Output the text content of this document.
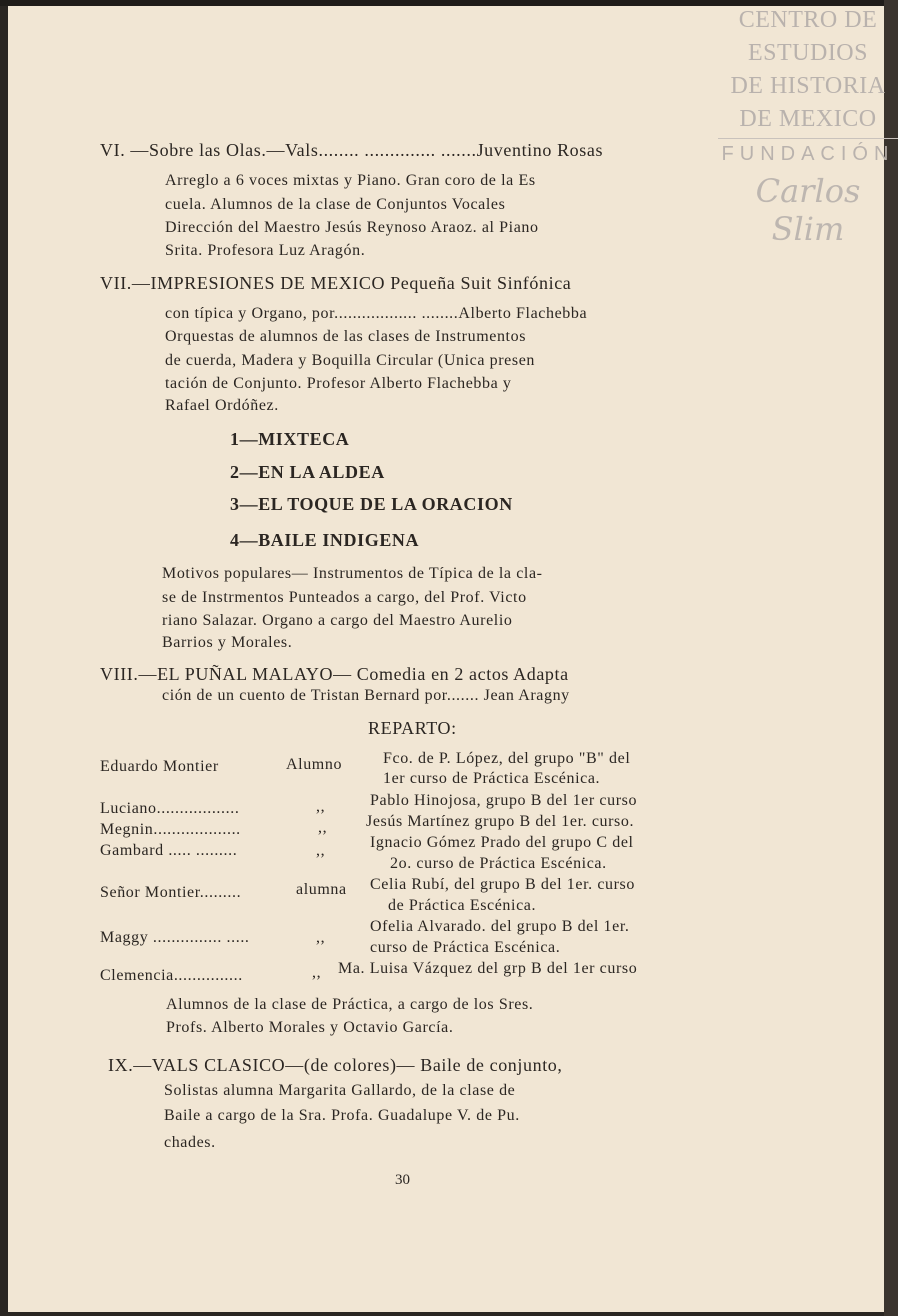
CENTRO DE
ESTUDIOS
DE HISTORIA
DE MEXICO
FUNDACIÓN
Carlos Slim
VI. —Sobre las Olas.—Vals........ .............. .......Juventino Rosas
Arreglo a 6 voces mixtas y Piano. Gran coro de la Es
cuela. Alumnos de la clase de Conjuntos Vocales
Dirección del Maestro Jesús Reynoso Araoz. al Piano
Srita. Profesora Luz Aragón.
VII.—IMPRESIONES DE MEXICO Pequeña Suit Sinfónica
con típica y Organo, por.................. ........Alberto Flachebba
Orquestas de alumnos de las clases de Instrumentos
de cuerda, Madera y Boquilla Circular (Unica presen
tación de Conjunto. Profesor Alberto Flachebba y
Rafael Ordóñez.
1—MIXTECA
2—EN LA ALDEA
3—EL TOQUE DE LA ORACION
4—BAILE INDIGENA
Motivos populares— Instrumentos de Típica de la cla-
se de Instrmentos Punteados a cargo, del Prof. Victo
riano Salazar. Organo a cargo del Maestro Aurelio
Barrios y Morales.
VIII.—EL PUÑAL MALAYO— Comedia en 2 actos Adapta
ción de un cuento de Tristan Bernard por....... Jean Aragny
REPARTO:
Eduardo Montier	Alumno	Fco. de P. López, del grupo "B" del
1er curso de Práctica Escénica.
Luciano..................	,,	Pablo Hinojosa, grupo B del 1er curso
Megnin...................	,, Jesús Martínez grupo B del 1er. curso.
Gambard ..... .........	,,	Ignacio Gómez Prado del grupo C del
2o. curso de Práctica Escénica.
Señor Montier.........	alumna Celia Rubí, del grupo B del 1er. curso
de Práctica Escénica.
Maggy ............... .....	,,
Ofelia Alvarado. del grupo B del 1er.
curso de Práctica Escénica.
Clemencia...............	,, Ma. Luisa Vázquez del grp B del 1er curso
Alumnos de la clase de Práctica, a cargo de los Sres.
Profs. Alberto Morales y Octavio García.
IX.—VALS CLASICO—(de colores)— Baile de conjunto,
Solistas alumna Margarita Gallardo, de la clase de
Baile a cargo de la Sra. Profa. Guadalupe V. de Pu.
chades.
30
